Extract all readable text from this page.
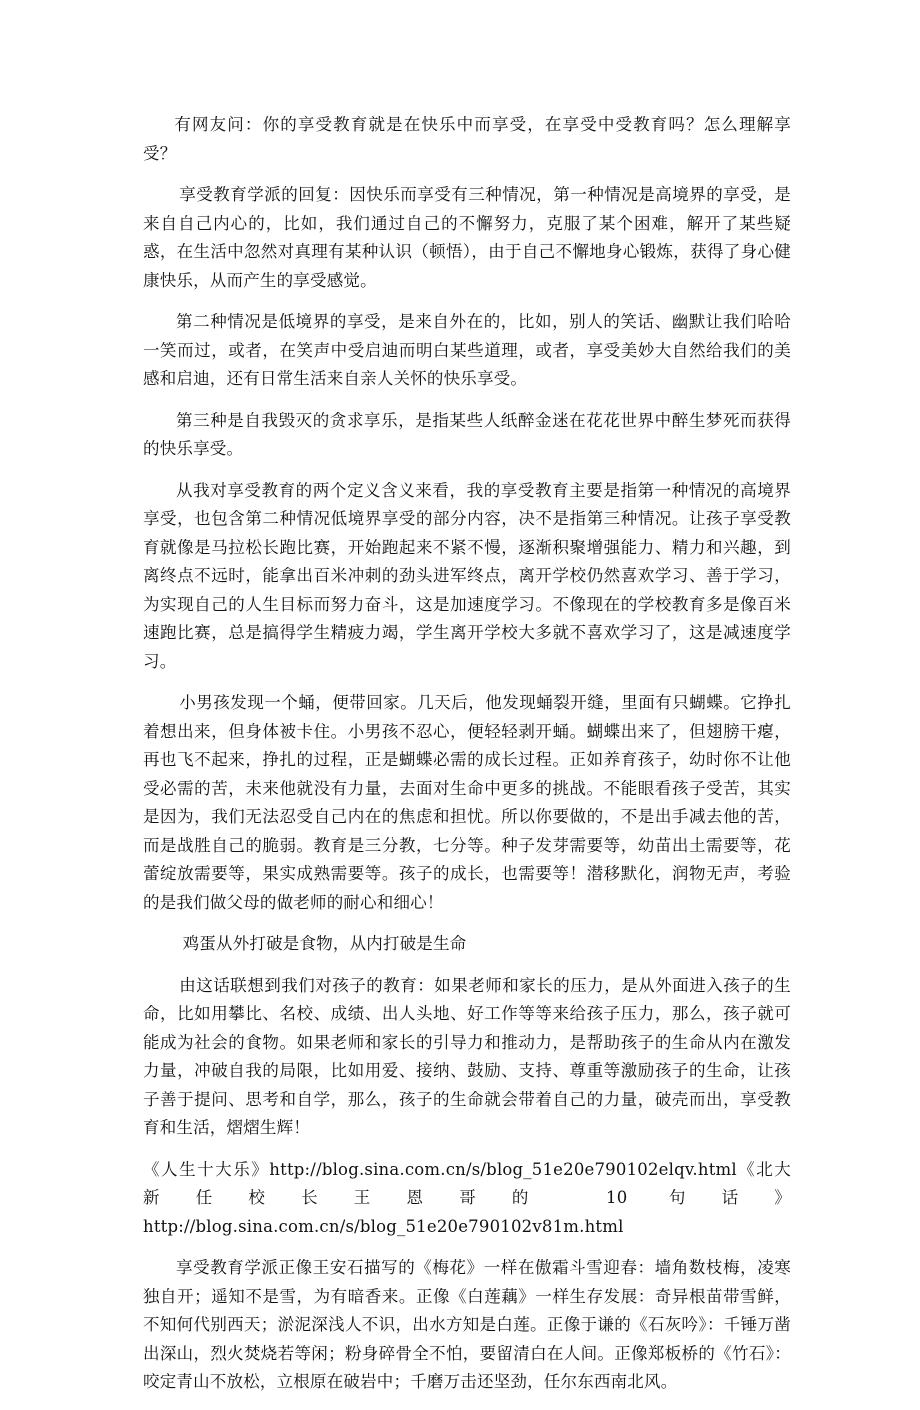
有网友问：你的享受教育就是在快乐中而享受，在享受中受教育吗？怎么理解享受？

享受教育学派的回复：因快乐而享受有三种情况，第一种情况是高境界的享受，是来自自己内心的，比如，我们通过自己的不懈努力，克服了某个困难，解开了某些疑惑，在生活中忽然对真理有某种认识（顿悟），由于自己不懈地身心锻炼，获得了身心健康快乐，从而产生的享受感觉。

第二种情况是低境界的享受，是来自外在的，比如，别人的笑话、幽默让我们哈哈一笑而过，或者，在笑声中受启迪而明白某些道理，或者，享受美妙大自然给我们的美感和启迪，还有日常生活来自亲人关怀的快乐享受。

第三种是自我毁灭的贪求享乐，是指某些人纸醉金迷在花花世界中醉生梦死而获得的快乐享受。

从我对享受教育的两个定义含义来看，我的享受教育主要是指第一种情况的高境界享受，也包含第二种情况低境界享受的部分内容，决不是指第三种情况。让孩子享受教育就像是马拉松长跑比赛，开始跑起来不紧不慢，逐渐积聚增强能力、精力和兴趣，到离终点不远时，能拿出百米冲刺的劲头进军终点，离开学校仍然喜欢学习、善于学习，为实现自己的人生目标而努力奋斗，这是加速度学习。不像现在的学校教育多是像百米速跑比赛，总是搞得学生精疲力竭，学生离开学校大多就不喜欢学习了，这是减速度学习。

小男孩发现一个蛹，便带回家。几天后，他发现蛹裂开缝，里面有只蝴蝶。它挣扎着想出来，但身体被卡住。小男孩不忍心，便轻轻剥开蛹。蝴蝶出来了，但翅膀干瘪，再也飞不起来，挣扎的过程，正是蝴蝶必需的成长过程。正如养育孩子，幼时你不让他受必需的苦，未来他就没有力量，去面对生命中更多的挑战。不能眼看孩子受苦，其实是因为，我们无法忍受自己内在的焦虑和担忧。所以你要做的，不是出手减去他的苦，而是战胜自己的脆弱。教育是三分教，七分等。种子发芽需要等，幼苗出土需要等，花蕾绽放需要等，果实成熟需要等。孩子的成长，也需要等！潜移默化，润物无声，考验的是我们做父母的做老师的耐心和细心！

鸡蛋从外打破是食物，从内打破是生命

由这话联想到我们对孩子的教育：如果老师和家长的压力，是从外面进入孩子的生命，比如用攀比、名校、成绩、出人头地、好工作等等来给孩子压力，那么，孩子就可能成为社会的食物。如果老师和家长的引导力和推动力，是帮助孩子的生命从内在激发力量，冲破自我的局限，比如用爱、接纳、鼓励、支持、尊重等激励孩子的生命，让孩子善于提问、思考和自学，那么，孩子的生命就会带着自己的力量，破壳而出，享受教育和生活，熠熠生辉！

《人生十大乐》http://blog.sina.com.cn/s/blog_51e20e790102elqv.html《北大新任校长王恩哥的 10 句话》http://blog.sina.com.cn/s/blog_51e20e790102v81m.html

享受教育学派正像王安石描写的《梅花》一样在傲霜斗雪迎春：墙角数枝梅，凌寒独自开；遥知不是雪，为有暗香来。正像《白莲藕》一样生存发展：奇异根苗带雪鲜，不知何代别西天；淤泥深浅人不识，出水方知是白莲。正像于谦的《石灰吟》：千锤万凿出深山，烈火焚烧若等闲；粉身碎骨全不怕，要留清白在人间。正像郑板桥的《竹石》：咬定青山不放松，立根原在破岩中；千磨万击还坚劲，任尔东西南北风。
